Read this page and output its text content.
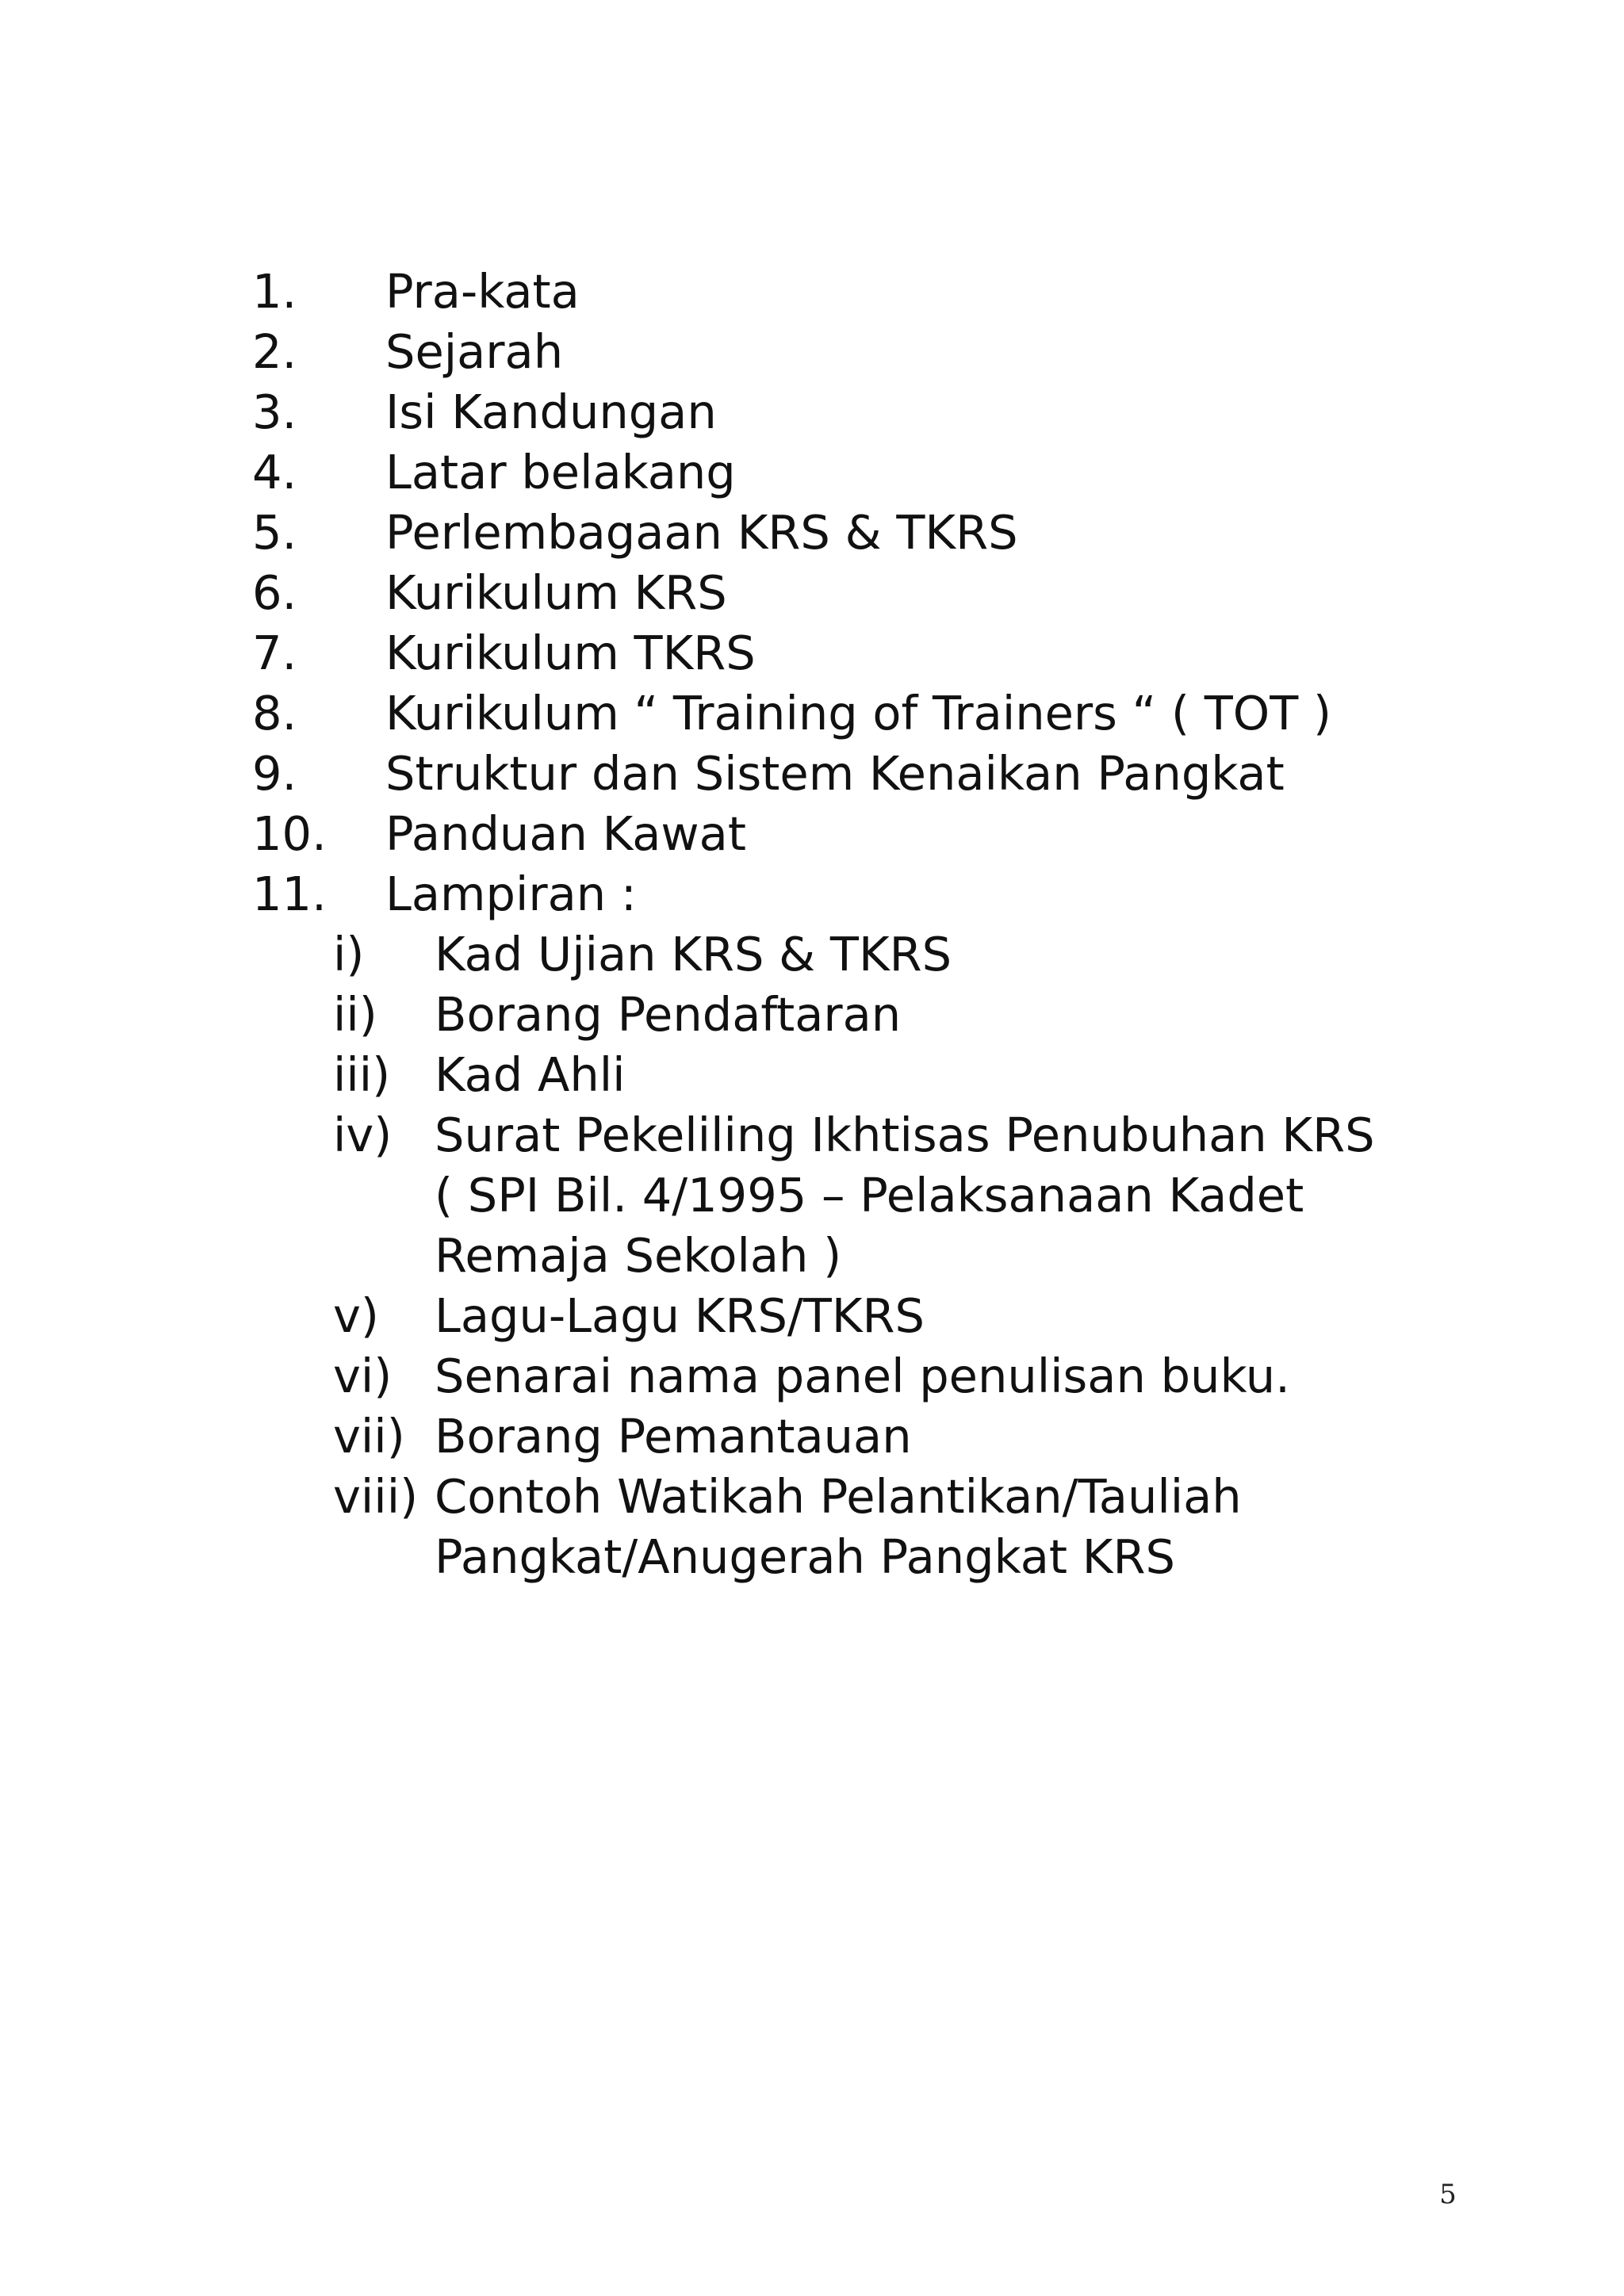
1.	Pra-kata
2.	Sejarah
3.	Isi Kandungan
4.	Latar belakang
5.	Perlembagaan KRS & TKRS
6.	Kurikulum KRS
7.	Kurikulum TKRS
8.	Kurikulum “ Training of Trainers “ ( TOT )
9.	Struktur dan Sistem Kenaikan Pangkat
10.	Panduan Kawat
11.	Lampiran :
i)	Kad Ujian KRS & TKRS
ii)	Borang Pendaftaran
iii) Kad Ahli
iv) Surat Pekeliling Ikhtisas Penubuhan KRS
( SPI Bil. 4/1995 – Pelaksanaan Kadet
Remaja Sekolah )
v)	Lagu-Lagu KRS/TKRS
vi) Senarai nama panel penulisan buku.
vii) Borang Pemantauan
viii) Contoh Watikah Pelantikan/Tauliah
Pangkat/Anugerah Pangkat KRS
5
